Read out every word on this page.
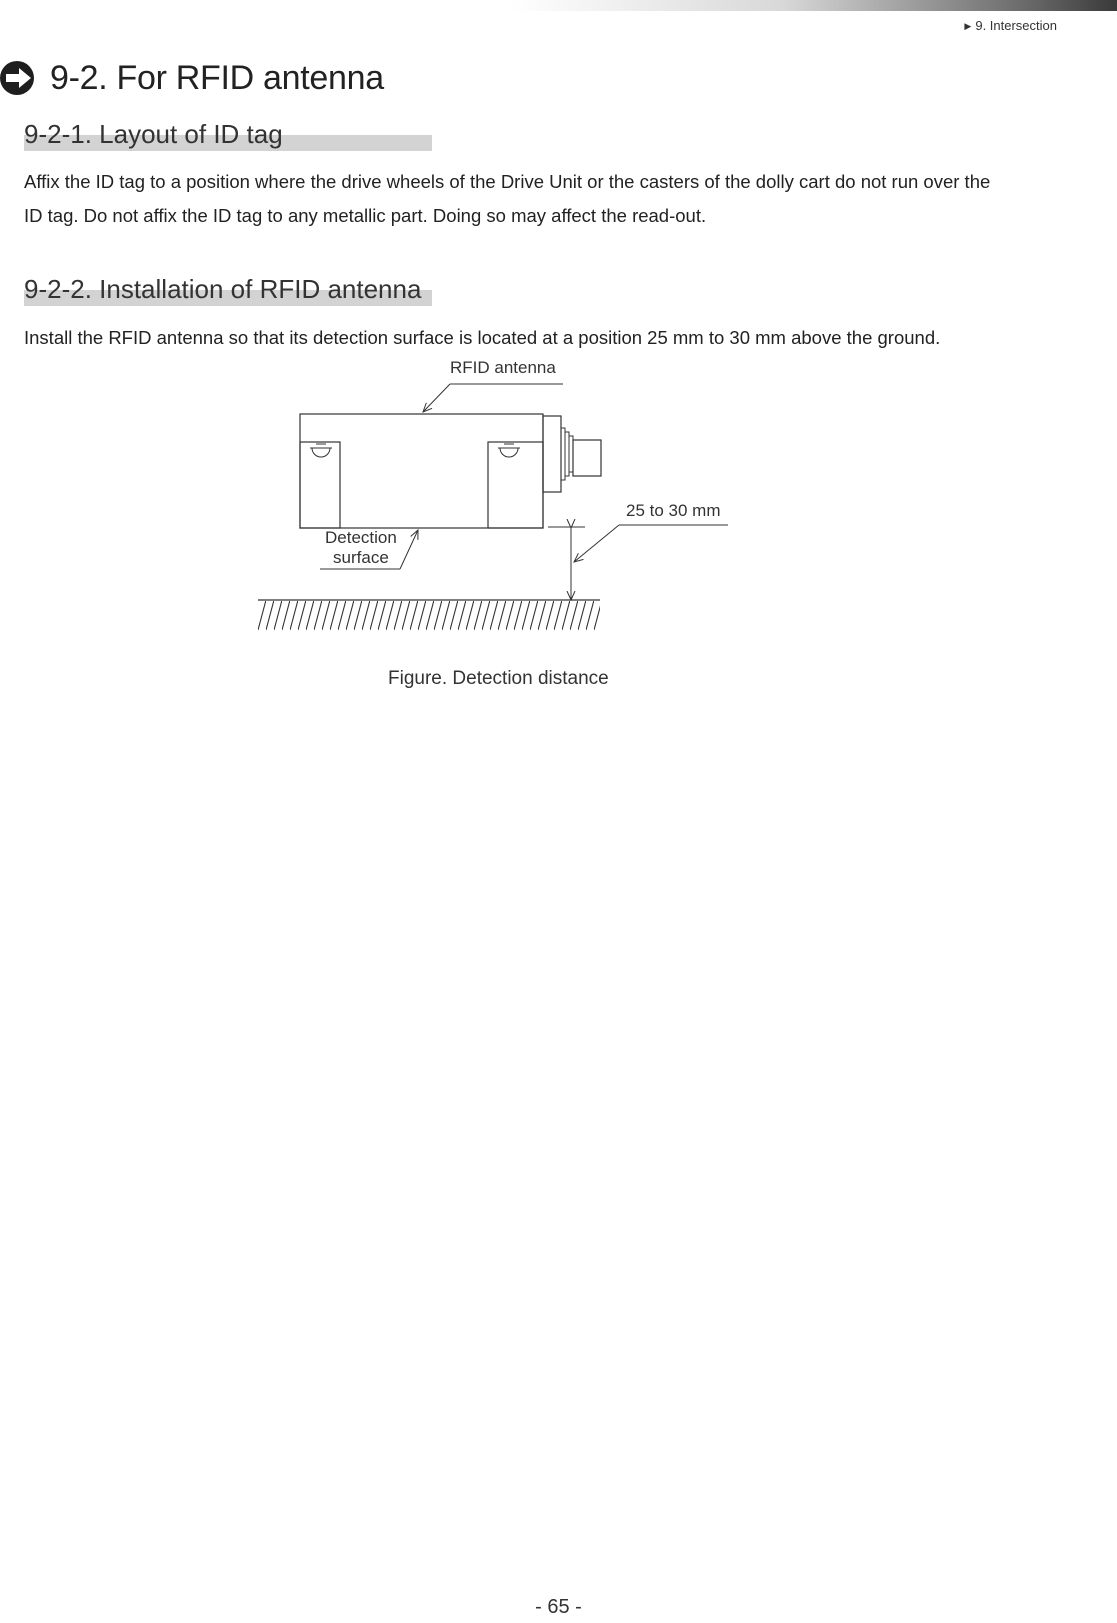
▶ 9. Intersection
9-2. For RFID antenna
9-2-1. Layout of ID tag
Affix the ID tag to a position where the drive wheels of the Drive Unit or the casters of the dolly cart do not run over the
ID tag. Do not affix the ID tag to any metallic part. Doing so may affect the read-out.
9-2-2. Installation of RFID antenna
Install the RFID antenna so that its detection surface is located at a position 25 mm to 30 mm above the ground.
RFID antenna
25 to 30 mm
Detection
surface
Figure. Detection distance
- 65 -
